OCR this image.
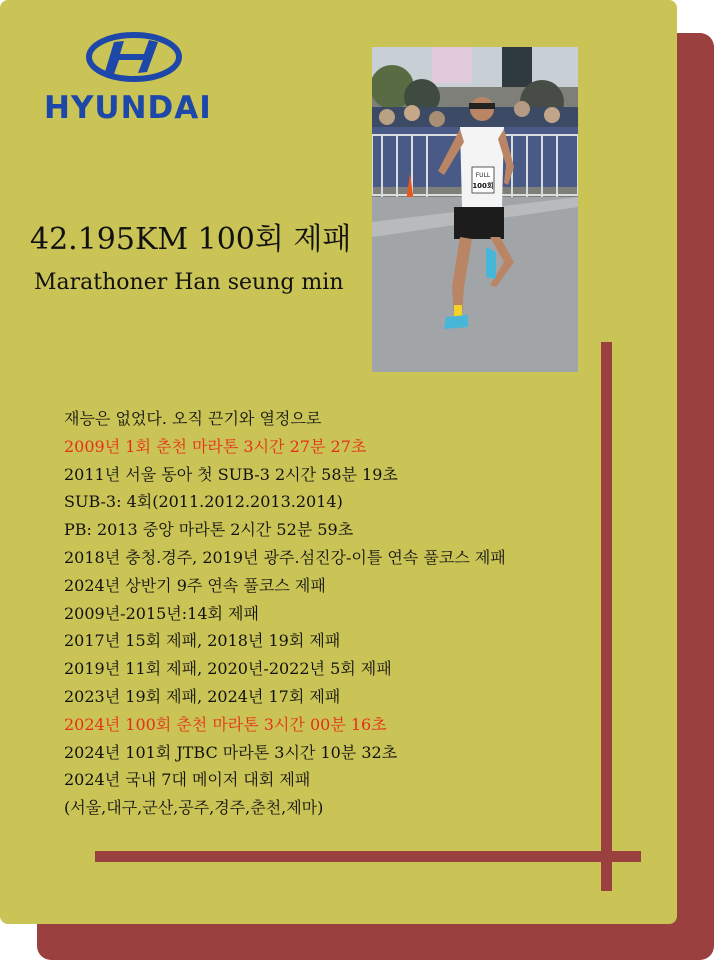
HYUNDAI
42.195KM 100회 제패
Marathoner Han seung min
FULL
100회
재능은 없었다. 오직 끈기와 열정으로
2009년 1회 춘천 마라톤 3시간 27분 27초
2011년 서울 동아 첫 SUB-3 2시간 58분 19초
SUB-3: 4회(2011.2012.2013.2014)
PB: 2013 중앙 마라톤 2시간 52분 59초
2018년 충청.경주, 2019년 광주.섬진강-이틀 연속 풀코스 제패
2024년 상반기 9주 연속 풀코스 제패
2009년-2015년:14회 제패
2017년 15회 제패, 2018년 19회 제패
2019년 11회 제패, 2020년-2022년 5회 제패
2023년 19회 제패, 2024년 17회 제패
2024년 100회 춘천 마라톤 3시간 00분 16초
2024년 101회 JTBC 마라톤 3시간 10분 32초
2024년 국내 7대 메이저 대회 제패
(서울,대구,군산,공주,경주,춘천,제마)
